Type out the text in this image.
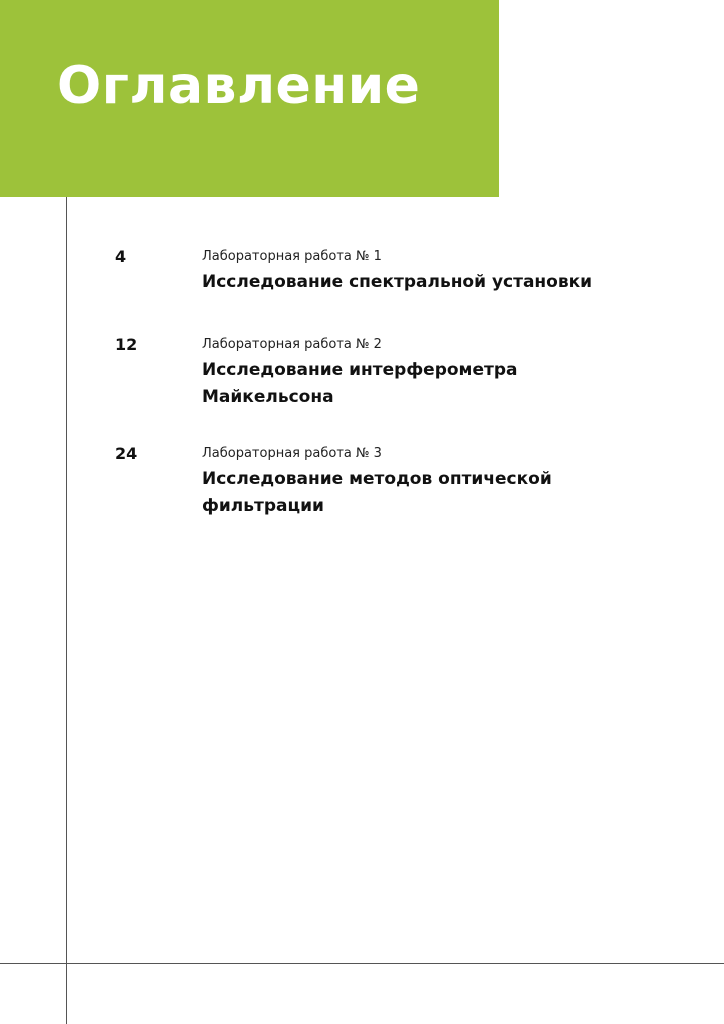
Оглавление
4	Лабораторная работа № 1
Исследование спектральной установки
12	Лабораторная работа № 2
Исследование интерферометра Майкельсона
24	Лабораторная работа № 3
Исследование методов оптической фильтрации
